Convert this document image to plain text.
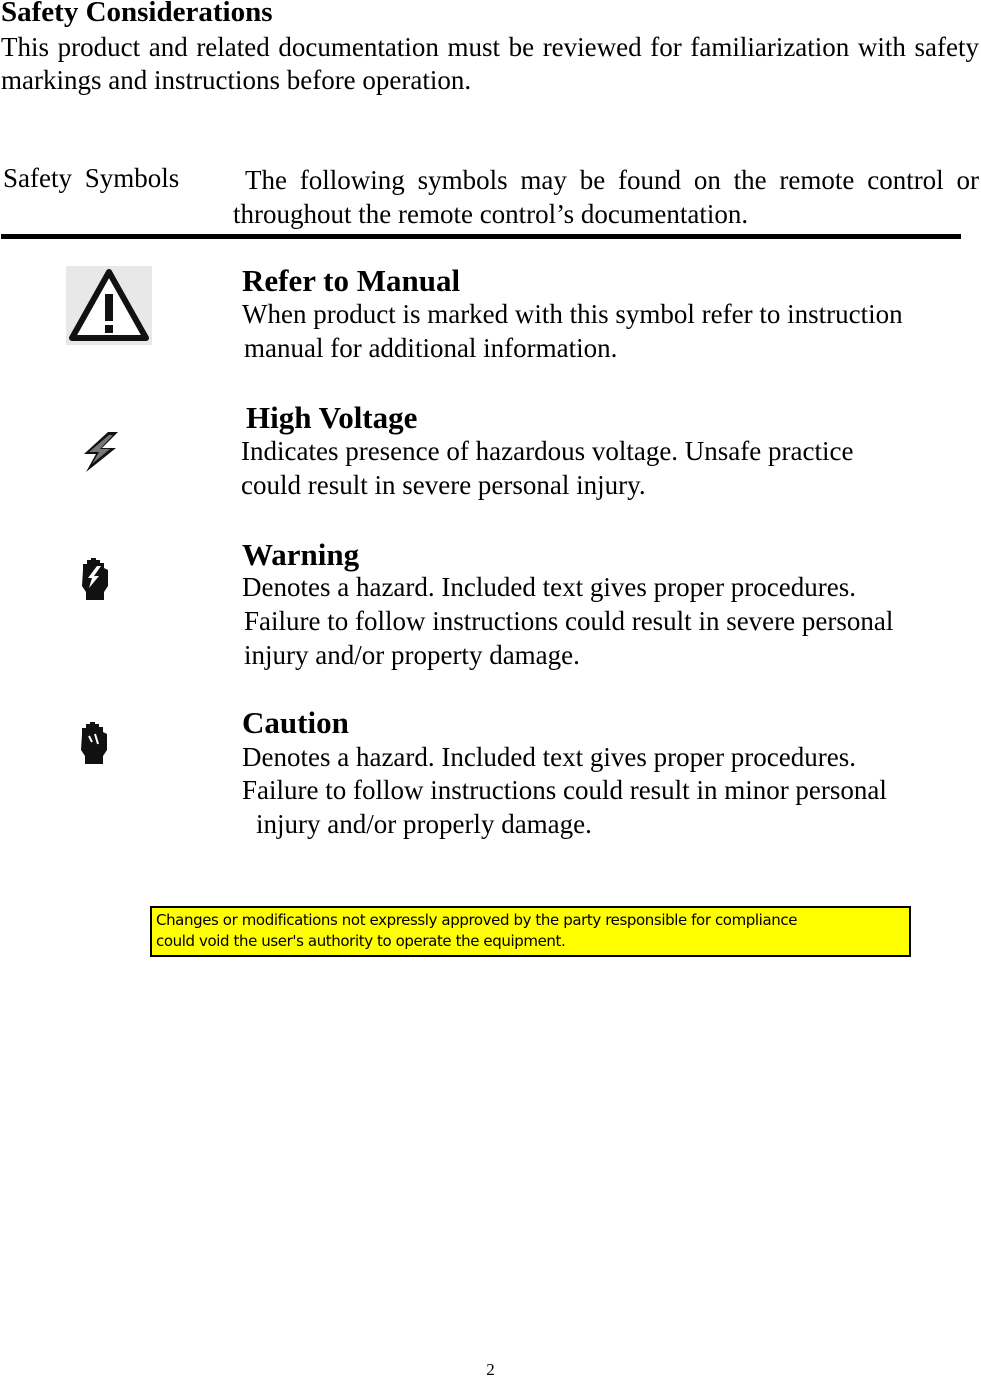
Safety Considerations
This product and related documentation must be reviewed for familiarization with safety markings and instructions before operation.
Safety Symbols	The following symbols may be found on the remote control or throughout the remote control’s documentation.
Refer to Manual
When product is marked with this symbol refer to instruction
manual for additional information.
High Voltage
Indicates presence of hazardous voltage. Unsafe practice
could result in severe personal injury.
Warning
Denotes a hazard. Included text gives proper procedures.
Failure to follow instructions could result in severe personal
injury and/or property damage.
Caution
Denotes a hazard. Included text gives proper procedures.
Failure to follow instructions could result in minor personal
injury and/or properly damage.
Changes or modifications not expressly approved by the party responsible for compliance
could void the user's authority to operate the equipment.
2
